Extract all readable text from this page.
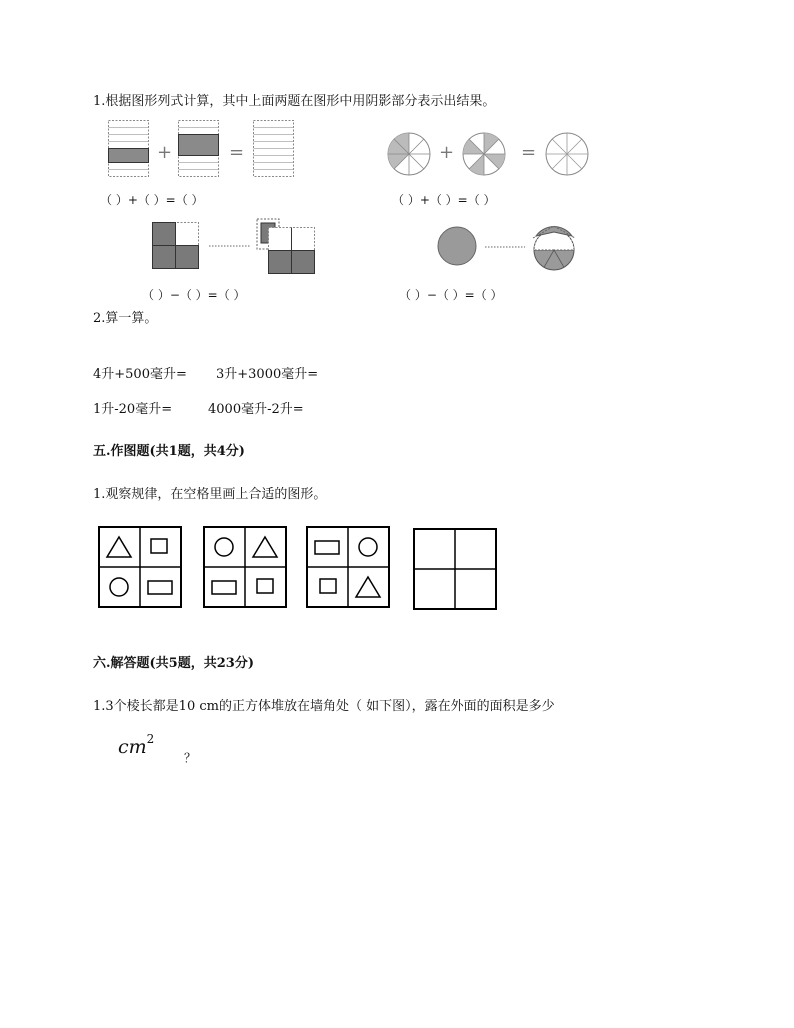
1.根据图形列式计算，其中上面两题在图形中用阴影部分表示出结果。
+	=
（ ）+（ ）=（ ）
+	=
（ ）+（ ）=（ ）
（ ）−（ ）=（ ）	（ ）−（ ）=（ ）
2.算一算。
4升+500毫升= 3升+3000毫升=
1升-20毫升=	4000毫升-2升=
五.作图题(共1题，共4分)
1.观察规律，在空格里画上合适的图形。
六.解答题(共5题，共23分)
1.3个棱长都是10 cm的正方体堆放在墙角处（ 如下图），露在外面的面积是多少
$cm^2$
？
